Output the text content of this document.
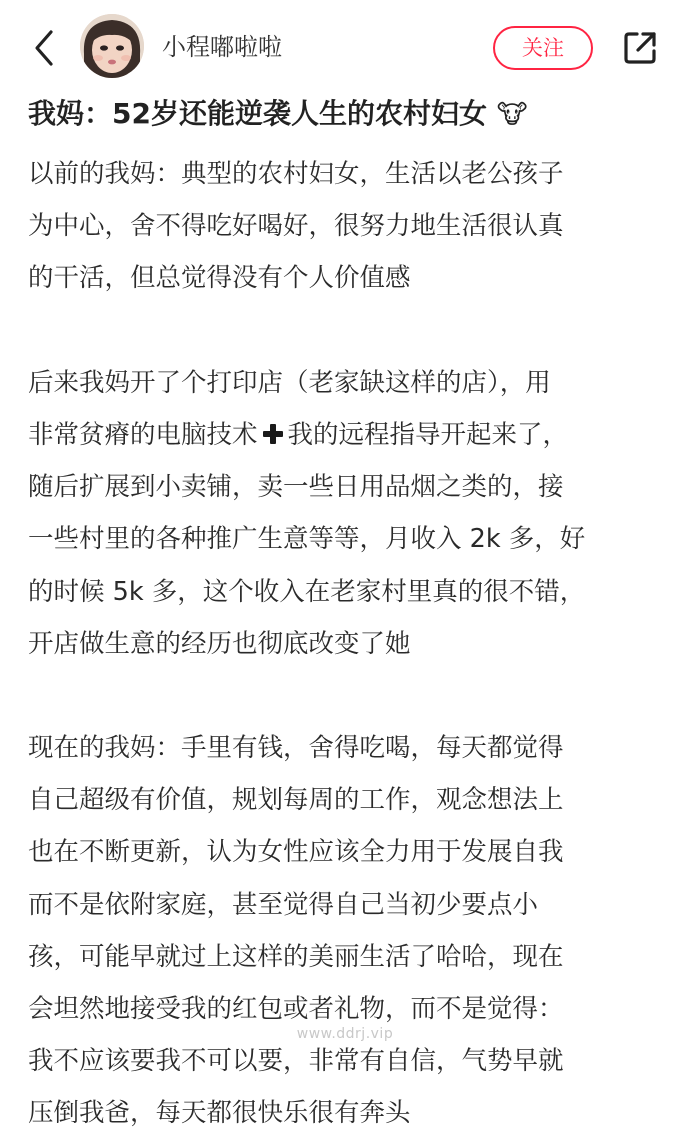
小程嘟啦啦	关注
我妈：52岁还能逆袭人生的农村妇女 🐮
以前的我妈：典型的农村妇女，生活以老公孩子
为中心，舍不得吃好喝好，很努力地生活很认真
的干活，但总觉得没有个人价值感
后来我妈开了个打印店（老家缺这样的店），用
非常贫瘠的电脑技术 我的远程指导开起来了，
随后扩展到小卖铺，卖一些日用品烟之类的，接
一些村里的各种推广生意等等，月收入 2k 多，好
的时候 5k 多，这个收入在老家村里真的很不错，
开店做生意的经历也彻底改变了她
现在的我妈：手里有钱，舍得吃喝，每天都觉得
自己超级有价值，规划每周的工作，观念想法上
也在不断更新，认为女性应该全力用于发展自我
而不是依附家庭，甚至觉得自己当初少要点小
孩，可能早就过上这样的美丽生活了哈哈，现在
会坦然地接受我的红包或者礼物，而不是觉得：
我不应该要我不可以要，非常有自信，气势早就
压倒我爸，每天都很快乐很有奔头
www.ddrj.vip
